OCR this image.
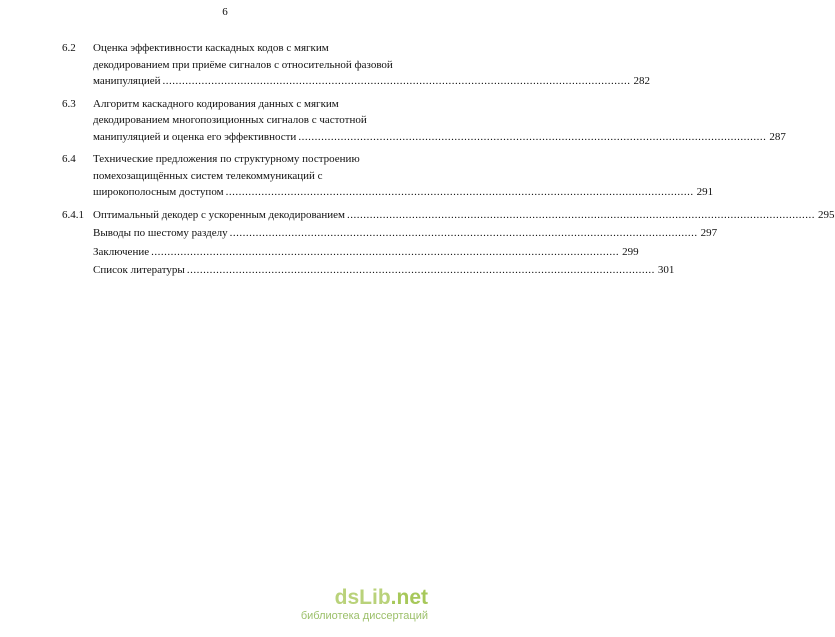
6
6.2 Оценка эффективности каскадных кодов с мягким
декодированием при приёме сигналов с относительной фазовой
манипуляцией ................................................................................................................................................ 282
6.3 Алгоритм каскадного кодирования данных с мягким
декодированием многопозиционных сигналов с частотной
манипуляцией и оценка его эффективности ................................................................................................................................................ 287
6.4 Технические предложения по структурному построению
помехозащищённых систем телекоммуникаций с
широкополосным доступом ................................................................................................................................................ 291
6.4.1 Оптимальный декодер с ускоренным декодированием ................................................................................................................................................ 295
Выводы по шестому разделу ................................................................................................................................................ 297
Заключение ................................................................................................................................................ 299
Список литературы ................................................................................................................................................ 301
dsLib.net
библиотека диссертаций
